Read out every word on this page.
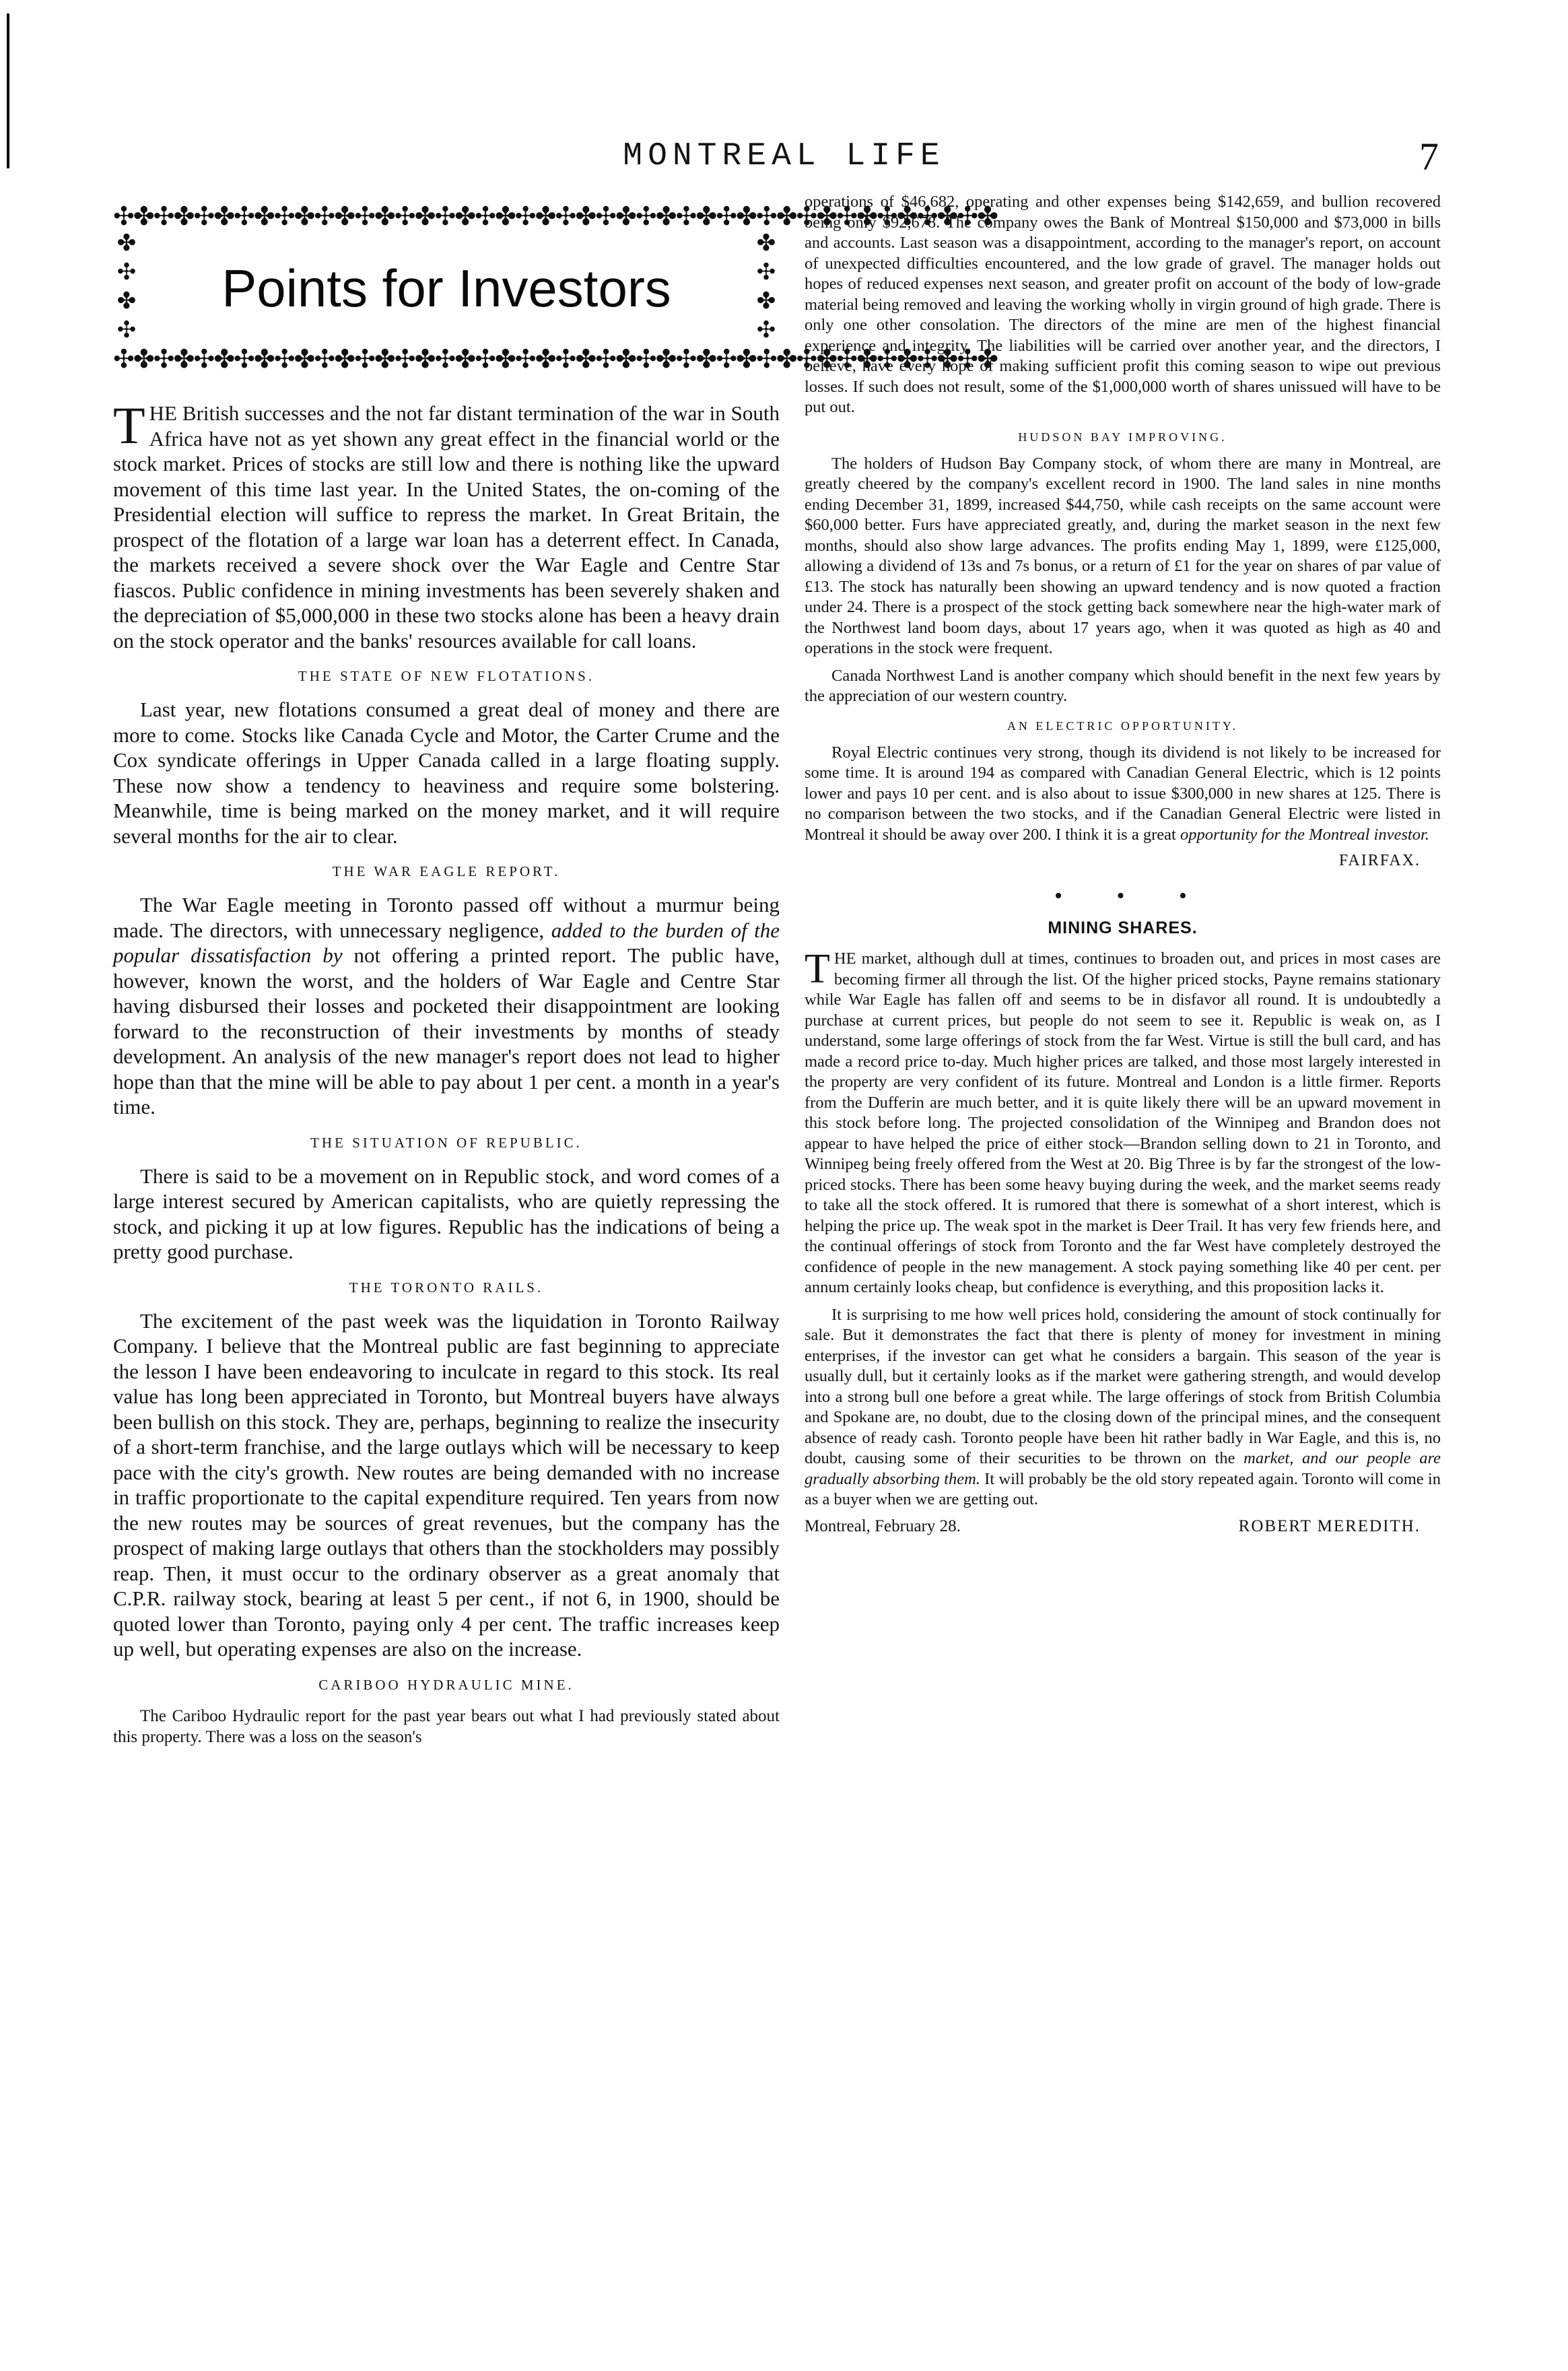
MONTREAL LIFE	7
✣✤✣✤✣✤✣✤✣✤✣✤✣✤✣✤✣✤✣✤✣✤✣✤✣✤✣✤✣✤✣✤✣✤✣✤✣✤✣✤✣✤✣✤
✤✣✤✣
Points for Investors
✤✣✤✣
✣✤✣✤✣✤✣✤✣✤✣✤✣✤✣✤✣✤✣✤✣✤✣✤✣✤✣✤✣✤✣✤✣✤✣✤✣✤✣✤✣✤✣✤

THE British successes and the not far distant termination of the war in South Africa have not as yet shown any great effect in the financial world or the stock market. Prices of stocks are still low and there is nothing like the upward movement of this time last year. In the United States, the on-coming of the Presidential election will suffice to repress the market. In Great Britain, the prospect of the flotation of a large war loan has a deterrent effect. In Canada, the markets received a severe shock over the War Eagle and Centre Star fiascos. Public confidence in mining investments has been severely shaken and the depreciation of $5,000,000 in these two stocks alone has been a heavy drain on the stock operator and the banks' resources available for call loans.

THE STATE OF NEW FLOTATIONS.

Last year, new flotations consumed a great deal of money and there are more to come. Stocks like Canada Cycle and Motor, the Carter Crume and the Cox syndicate offerings in Upper Canada called in a large floating supply. These now show a tendency to heaviness and require some bolstering. Meanwhile, time is being marked on the money market, and it will require several months for the air to clear.

THE WAR EAGLE REPORT.

The War Eagle meeting in Toronto passed off without a murmur being made. The directors, with unnecessary negligence, added to the burden of the popular dissatisfaction by not offering a printed report. The public have, however, known the worst, and the holders of War Eagle and Centre Star having disbursed their losses and pocketed their disappointment are looking forward to the reconstruction of their investments by months of steady development. An analysis of the new manager's report does not lead to higher hope than that the mine will be able to pay about 1 per cent. a month in a year's time.

THE SITUATION OF REPUBLIC.

There is said to be a movement on in Republic stock, and word comes of a large interest secured by American capitalists, who are quietly repressing the stock, and picking it up at low figures. Republic has the indications of being a pretty good purchase.

THE TORONTO RAILS.

The excitement of the past week was the liquidation in Toronto Railway Company. I believe that the Montreal public are fast beginning to appreciate the lesson I have been endeavoring to inculcate in regard to this stock. Its real value has long been appreciated in Toronto, but Montreal buyers have always been bullish on this stock. They are, perhaps, beginning to realize the insecurity of a short-term franchise, and the large outlays which will be necessary to keep pace with the city's growth. New routes are being demanded with no increase in traffic proportionate to the capital expenditure required. Ten years from now the new routes may be sources of great revenues, but the company has the prospect of making large outlays that others than the stockholders may possibly reap. Then, it must occur to the ordinary observer as a great anomaly that C.P.R. railway stock, bearing at least 5 per cent., if not 6, in 1900, should be quoted lower than Toronto, paying only 4 per cent. The traffic increases keep up well, but operating expenses are also on the increase.

CARIBOO HYDRAULIC MINE.

The Cariboo Hydraulic report for the past year bears out what I had previously stated about this property. There was a loss on the season's

operations of $46,682, operating and other expenses being $142,659, and bullion recovered being only $92,678. The company owes the Bank of Montreal $150,000 and $73,000 in bills and accounts. Last season was a disappointment, according to the manager's report, on account of unexpected difficulties encountered, and the low grade of gravel. The manager holds out hopes of reduced expenses next season, and greater profit on account of the body of low-grade material being removed and leaving the working wholly in virgin ground of high grade. There is only one other consolation. The directors of the mine are men of the highest financial experience and integrity. The liabilities will be carried over another year, and the directors, I believe, have every hope of making sufficient profit this coming season to wipe out previous losses. If such does not result, some of the $1,000,000 worth of shares unissued will have to be put out.

HUDSON BAY IMPROVING.

The holders of Hudson Bay Company stock, of whom there are many in Montreal, are greatly cheered by the company's excellent record in 1900. The land sales in nine months ending December 31, 1899, increased $44,750, while cash receipts on the same account were $60,000 better. Furs have appreciated greatly, and, during the market season in the next few months, should also show large advances. The profits ending May 1, 1899, were £125,000, allowing a dividend of 13s and 7s bonus, or a return of £1 for the year on shares of par value of £13. The stock has naturally been showing an upward tendency and is now quoted a fraction under 24. There is a prospect of the stock getting back somewhere near the high-water mark of the Northwest land boom days, about 17 years ago, when it was quoted as high as 40 and operations in the stock were frequent.

Canada Northwest Land is another company which should benefit in the next few years by the appreciation of our western country.

AN ELECTRIC OPPORTUNITY.

Royal Electric continues very strong, though its dividend is not likely to be increased for some time. It is around 194 as compared with Canadian General Electric, which is 12 points lower and pays 10 per cent. and is also about to issue $300,000 in new shares at 125. There is no comparison between the two stocks, and if the Canadian General Electric were listed in Montreal it should be away over 200. I think it is a great opportunity for the Montreal investor.

FAIRFAX.
• • •
MINING SHARES.

THE market, although dull at times, continues to broaden out, and prices in most cases are becoming firmer all through the list. Of the higher priced stocks, Payne remains stationary while War Eagle has fallen off and seems to be in disfavor all round. It is undoubtedly a purchase at current prices, but people do not seem to see it. Republic is weak on, as I understand, some large offerings of stock from the far West. Virtue is still the bull card, and has made a record price to-day. Much higher prices are talked, and those most largely interested in the property are very confident of its future. Montreal and London is a little firmer. Reports from the Dufferin are much better, and it is quite likely there will be an upward movement in this stock before long. The projected consolidation of the Winnipeg and Brandon does not appear to have helped the price of either stock—Brandon selling down to 21 in Toronto, and Winnipeg being freely offered from the West at 20. Big Three is by far the strongest of the low-priced stocks. There has been some heavy buying during the week, and the market seems ready to take all the stock offered. It is rumored that there is somewhat of a short interest, which is helping the price up. The weak spot in the market is Deer Trail. It has very few friends here, and the continual offerings of stock from Toronto and the far West have completely destroyed the confidence of people in the new management. A stock paying something like 40 per cent. per annum certainly looks cheap, but confidence is everything, and this proposition lacks it.

It is surprising to me how well prices hold, considering the amount of stock continually for sale. But it demonstrates the fact that there is plenty of money for investment in mining enterprises, if the investor can get what he considers a bargain. This season of the year is usually dull, but it certainly looks as if the market were gathering strength, and would develop into a strong bull one before a great while. The large offerings of stock from British Columbia and Spokane are, no doubt, due to the closing down of the principal mines, and the consequent absence of ready cash. Toronto people have been hit rather badly in War Eagle, and this is, no doubt, causing some of their securities to be thrown on the market, and our people are gradually absorbing them. It will probably be the old story repeated again. Toronto will come in as a buyer when we are getting out.

Montreal, February 28.	ROBERT MEREDITH.
